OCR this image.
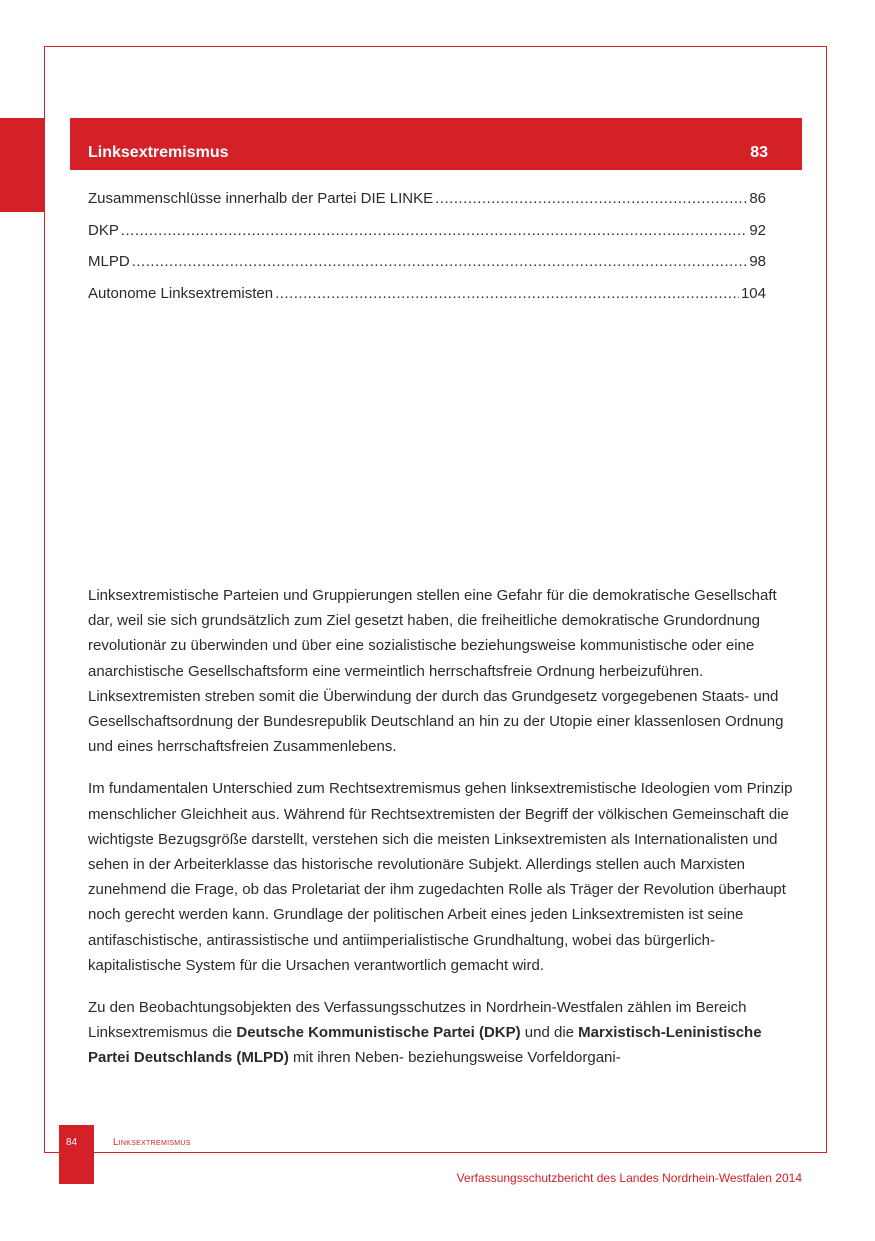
Linksextremismus	83
Zusammenschlüsse innerhalb der Partei DIE LINKE .....	86
DKP .....	92
MLPD .....	98
Autonome Linksextremisten .....	104

Linksextremistische Parteien und Gruppierungen stellen eine Gefahr für die demokratische Gesellschaft dar, weil sie sich grundsätzlich zum Ziel gesetzt haben, die freiheitliche demokratische Grundordnung revolutionär zu überwinden und über eine sozialistische beziehungsweise kommunistische oder eine anarchistische Gesellschaftsform eine vermeintlich herrschaftsfreie Ordnung herbeizuführen. Linksextremisten streben somit die Überwindung der durch das Grundgesetz vorgegebenen Staats- und Gesellschaftsordnung der Bundesrepublik Deutschland an hin zu der Utopie einer klassenlosen Ordnung und eines herrschaftsfreien Zusammenlebens.

Im fundamentalen Unterschied zum Rechtsextremismus gehen linksextremistische Ideologien vom Prinzip menschlicher Gleichheit aus. Während für Rechtsextremisten der Begriff der völkischen Gemeinschaft die wichtigste Bezugsgröße darstellt, verstehen sich die meisten Linksextremisten als Internationalisten und sehen in der Arbeiterklasse das historische revolutionäre Subjekt. Allerdings stellen auch Marxisten zunehmend die Frage, ob das Proletariat der ihm zugedachten Rolle als Träger der Revolution überhaupt noch gerecht werden kann. Grundlage der politischen Arbeit eines jeden Linksextremisten ist seine antifaschistische, antirassistische und antiimperialistische Grundhaltung, wobei das bürgerlich-kapitalistische System für die Ursachen verantwortlich gemacht wird.

Zu den Beobachtungsobjekten des Verfassungsschutzes in Nordrhein-Westfalen zählen im Bereich Linksextremismus die Deutsche Kommunistische Partei (DKP) und die Marxistisch-Leninistische Partei Deutschlands (MLPD) mit ihren Neben- beziehungsweise Vorfeldorgani-

84	Linksextremismus
Verfassungsschutzbericht des Landes Nordrhein-Westfalen 2014
